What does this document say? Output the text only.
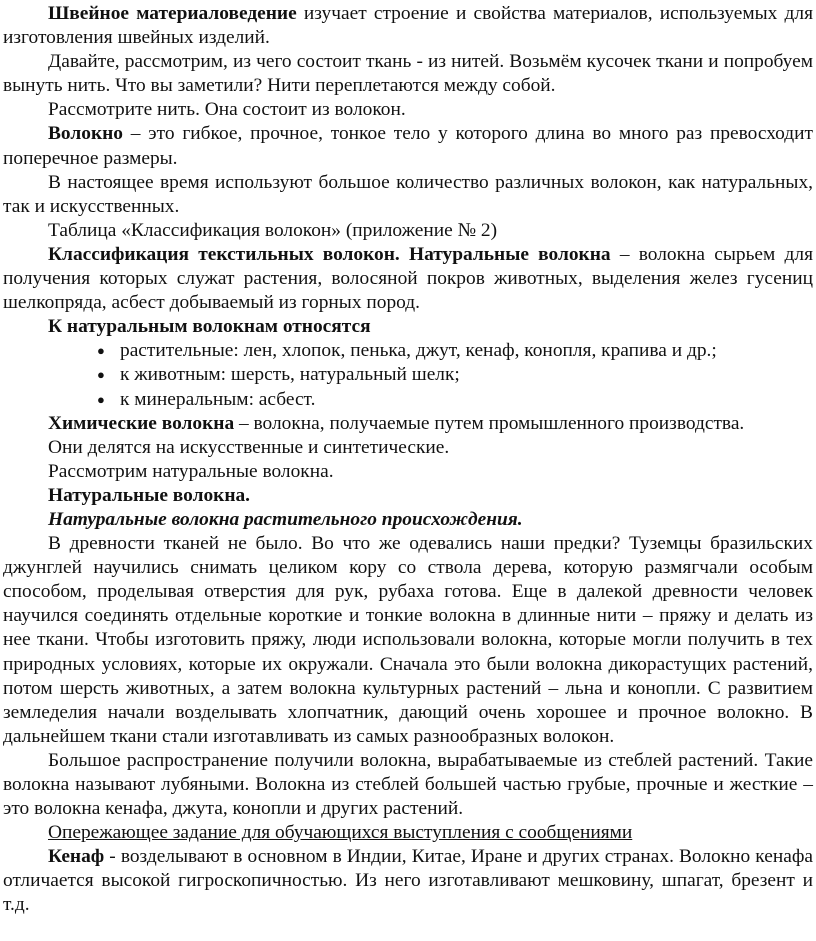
Швейное материаловедение изучает строение и свойства материалов, используемых для изготовления швейных изделий.

Давайте, рассмотрим, из чего состоит ткань - из нитей. Возьмём кусочек ткани и попробуем вынуть нить. Что вы заметили? Нити переплетаются между собой.

Рассмотрите нить. Она состоит из волокон.

Волокно – это гибкое, прочное, тонкое тело у которого длина во много раз превосходит поперечное размеры.

В настоящее время используют большое количество различных волокон, как натуральных, так и искусственных.

Таблица «Классификация волокон» (приложение № 2)

Классификация текстильных волокон. Натуральные волокна – волокна сырьем для получения которых служат растения, волосяной покров животных, выделения желез гусениц шелкопряда, асбест добываемый из горных пород.

К натуральным волокнам относятся

● растительные: лен, хлопок, пенька, джут, кенаф, конопля, крапива и др.;
● к животным: шерсть, натуральный шелк;
● к минеральным: асбест.

Химические волокна – волокна, получаемые путем промышленного производства.

Они делятся на искусственные и синтетические.

Рассмотрим натуральные волокна.

Натуральные волокна.

Натуральные волокна растительного происхождения.

В древности тканей не было. Во что же одевались наши предки? Туземцы бразильских джунглей научились снимать целиком кору со ствола дерева, которую размягчали особым способом, проделывая отверстия для рук, рубаха готова. Еще в далекой древности человек научился соединять отдельные короткие и тонкие волокна в длинные нити – пряжу и делать из нее ткани. Чтобы изготовить пряжу, люди использовали волокна, которые могли получить в тех природных условиях, которые их окружали. Сначала это были волокна дикорастущих растений, потом шерсть животных, а затем волокна культурных растений – льна и конопли. С развитием земледелия начали возделывать хлопчатник, дающий очень хорошее и прочное волокно. В дальнейшем ткани стали изготавливать из самых разнообразных волокон.

Большое распространение получили волокна, вырабатываемые из стеблей растений. Такие волокна называют лубяными. Волокна из стеблей большей частью грубые, прочные и жесткие – это волокна кенафа, джута, конопли и других растений.

Опережающее задание для обучающихся выступления с сообщениями

Кенаф - возделывают в основном в Индии, Китае, Иране и других странах. Волокно кенафа отличается высокой гигроскопичностью. Из него изготавливают мешковину, шпагат, брезент и т.д.
